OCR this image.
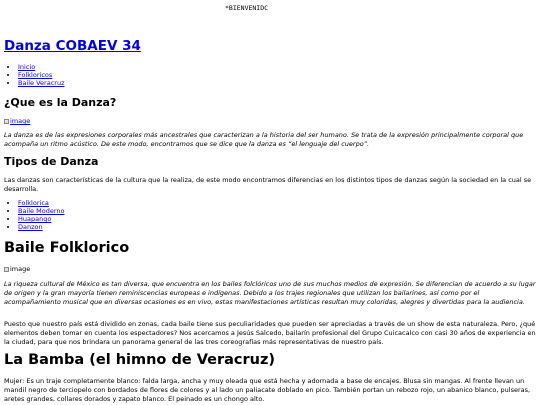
*BIENVENIDC
Danza COBAEV 34
• Inicio
• Folkloricos
• Baile Veracruz
¿Que es la Danza?
image

La danza es de las expresiones corporales más ancestrales que caracterizan a la historia del ser humano. Se trata de la expresión principalmente corporal que acompaña un ritmo acústico. De este modo, encontramos que se dice que la danza es “el lenguaje del cuerpo”.

Tipos de Danza

Las danzas son características de la cultura que la realiza, de este modo encontramos diferencias en los distintos tipos de danzas según la sociedad en la cual se desarrolla.

• Folklorica
• Baile Moderno
• Huapango
• Danzon
Baile Folklorico
image

La riqueza cultural de México es tan diversa, que encuentra en los bailes folclóricos uno de sus muchos medios de expresión. Se diferencian de acuerdo a su lugar de origen y la gran mayoría tienen reminiscencias europeas e indígenas. Debido a los trajes regionales que utilizan los bailarines, así como por el acompañamiento musical que en diversas ocasiones es en vivo, estas manifestaciones artísticas resultan muy coloridas, alegres y divertidas para la audiencia.

Puesto que nuestro país está dividido en zonas, cada baile tiene sus peculiaridades que pueden ser apreciadas a través de un show de esta naturaleza. Pero, ¿qué elementos deben tomar en cuenta los espectadores? Nos acercamos a Jesús Salcedo, bailarín profesional del Grupo Cuicacalco con casi 30 años de experiencia en la ciudad, para que nos brindara un panorama general de las tres coreografías más representativas de nuestro país.

La Bamba (el himno de Veracruz)

Mujer: Es un traje completamente blanco: falda larga, ancha y muy oleada que está hecha y adornada a base de encajes. Blusa sin mangas. Al frente llevan un mandil negro de terciopelo con bordados de flores de colores y al lado un paliacate doblado en pico. También portan un rebozo rojo, un abanico blanco, pulseras, aretes grandes, collares dorados y zapato blanco. El peinado es un chongo alto.
